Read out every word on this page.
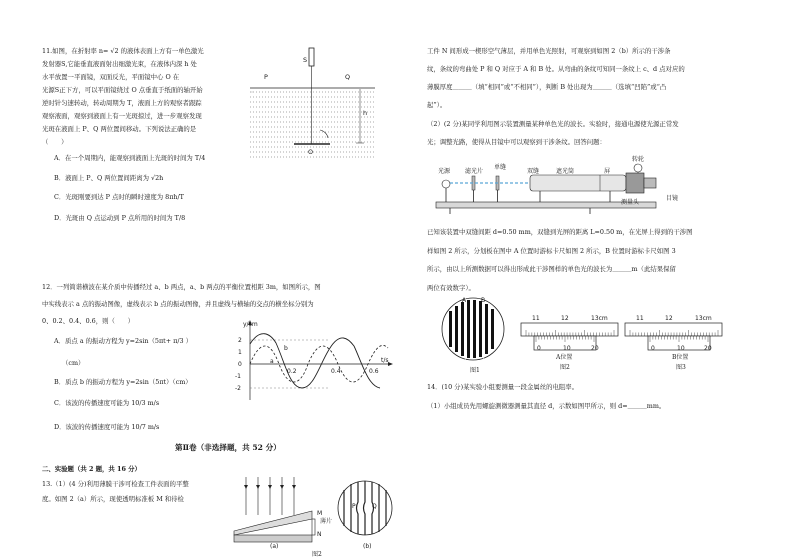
11.如图，在折射率 n= √2 的液体表面上方有一单色激光
发射器S,它能垂直液面射出细激光束，在液体内深 h 处
水平放置一平面镜，双面反光，平面镜中心 O 在
光源S正下方，可以平面镜绕过 O 点垂直于纸面的轴开始
逆时针匀速转动，转动周期为 T，液面上方的观察者跟踪
观察液面，观察到液面上有一光斑掠过，进一步观察发现
光斑在液面上 P、Q 两位置间移动。下列说法正确的是
（　　）
A．在一个周期内，能观察到液面上光斑的时间为 T/4
B．液面上 P、Q 两位置间距离为 √2h
C．光斑刚要到达 P 点时的瞬时速度为 8πh/T
D．光斑由 Q 点运动到 P 点所用的时间为 T/8
S
P	Q
h
O
12．一列简谐横波在某介质中传播经过 a、b 两点，a、b 两点的平衡位置相距 3m，如图所示，图
中实线表示 a 点的振动图像，虚线表示 b 点的振动图像，并且虚线与横轴的交点的横坐标分别为
0、0.2、0.4、0.6，则（　　）
A．质点 a 的振动方程为 y=2sin（5πt+ π/3 ）
（cm）
B．质点 b 的振动方程为 y=2sin（5πt）（cm）
C．该波的传播速度可能为 10/3 m/s
D．该波的传播速度可能为 10/7 m/s
y/cm
t/s
2
1
0
-1
-2
0.2	0.4	0.6
a
b
第Ⅱ卷（非选择题，共 52 分）
二、实验题（共 2 题，共 16 分）
13.（1）(4 分)利用薄膜干涉可检查工件表面的平整
度。如图 2（a）所示，现使透明标准板 M 和待检
M
N
薄片
(a)
P	Q
(b)
图2
工件 N 间形成一楔形空气薄层，并用单色光照射，可观察到如图 2（b）所示的干涉条
纹，条纹的弯曲处 P 和 Q 对应于 A 和 B 处。从弯曲的条纹可知同一条纹上 c、d 点对应的
薄膜厚度＿＿＿（填“相同”或“不相同”），判断 B 处出现为＿＿＿（选填“凹陷”或“凸
起”）。
（2）(2 分)某同学利用图示装置测量某种单色光的波长。实验时，接通电源使光源正常发
光；调整光路，使得从目镜中可以观察到干涉条纹。回答问题：
光源 滤光片
单缝
双缝	遮光筒	屏
转轮
目镜
测量头
已知该装置中双缝间距 d=0.50 mm，双缝到光屏的距离 L=0.50 m，在光屏上得到的干涉图
样如图 2 所示，分划板在图中 A 位置时游标卡尺如图 2 所示，B 位置时游标卡尺如图 3
所示，由以上所测数据可以得出形成此干涉图样的单色光的波长为＿＿＿m（此结果保留
两位有效数字）。
A B
图1
11	12	13cm
0	10	20
A位置
图2
11	12	13cm
0	10	20
B位置
图3
14．(10 分)某实验小组要测量一段金属丝的电阻率。
（1）小组成员先用螺旋测微器测量其直径 d，示数如图甲所示，则 d=＿＿＿mm。
